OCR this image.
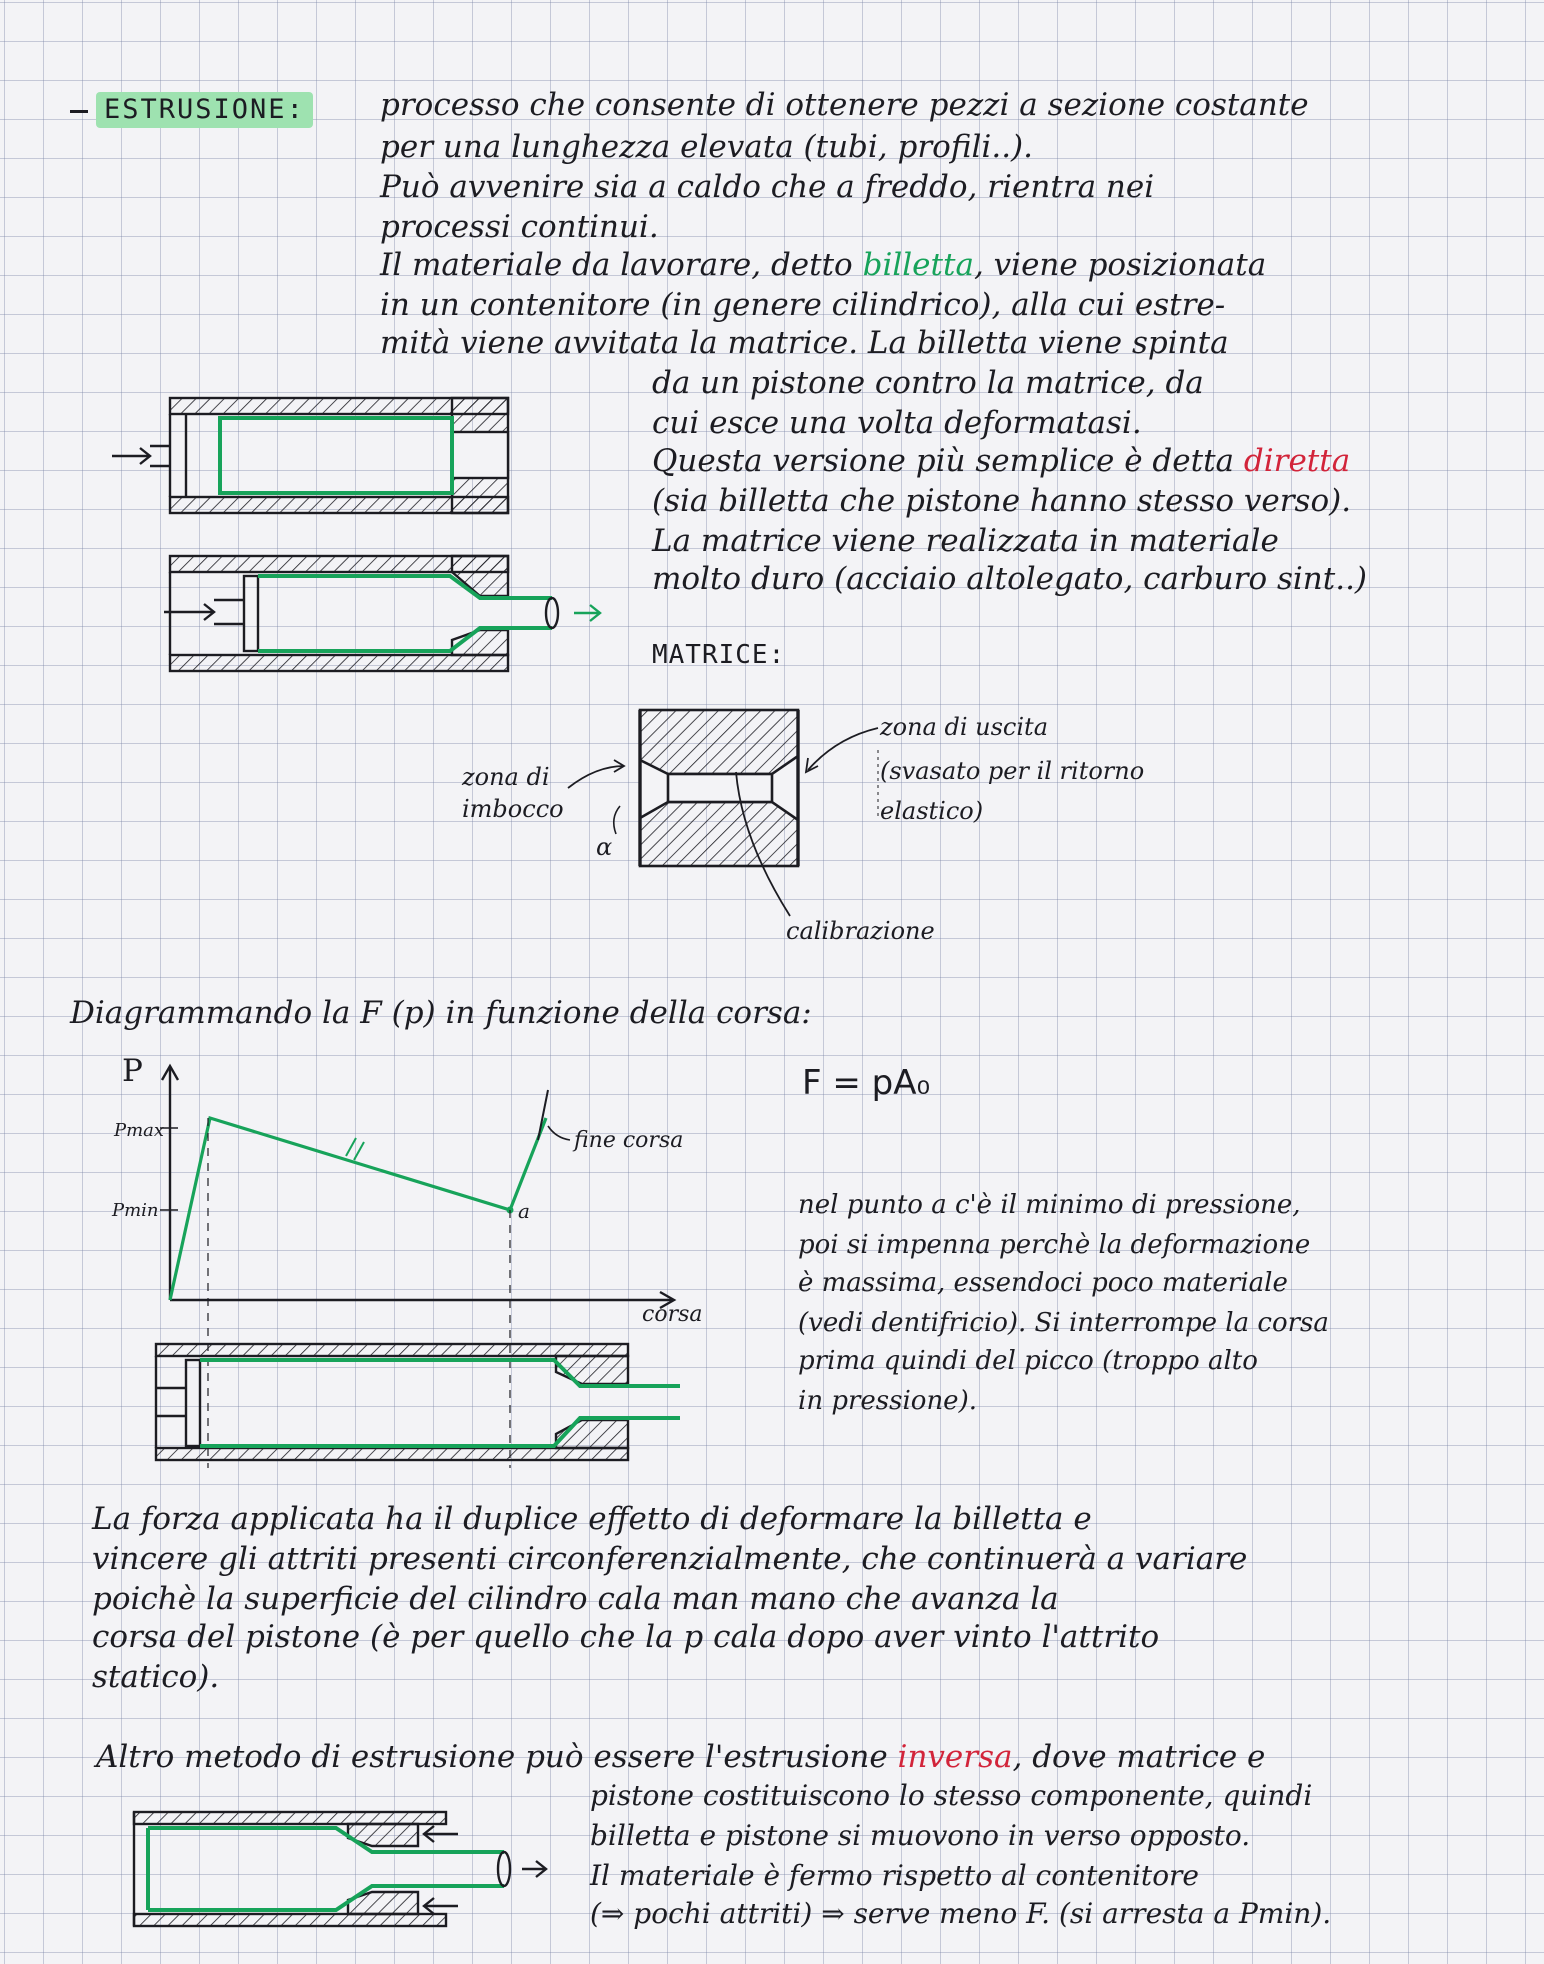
ESTRUSIONE: processo che consente di ottenere pezzi a sezione costante
per una lunghezza elevata (tubi, profili..).
Può avvenire sia a caldo che a freddo, rientra nei
processi continui.
Il materiale da lavorare, detto billetta, viene posizionata
in un contenitore (in genere cilindrico), alla cui estre-
mità viene avvitata la matrice. La billetta viene spinta
da un pistone contro la matrice, da
cui esce una volta deformatasi.
Questa versione più semplice è detta diretta
(sia billetta che pistone hanno stesso verso).
La matrice viene realizzata in materiale
molto duro (acciaio altolegato, carburo sint..)
MATRICE:
zona di
imbocco
α
zona di uscita
(svasato per il ritorno
elastico)
calibrazione
Diagrammando la F (p) in funzione della corsa:
P
Pmax
Pmin
corsa
a
fine corsa
F = pA₀
nel punto a c'è il minimo di pressione,
poi si impenna perchè la deformazione
è massima, essendoci poco materiale
(vedi dentifricio). Si interrompe la corsa
prima quindi del picco (troppo alto
in pressione).
La forza applicata ha il duplice effetto di deformare la billetta e
vincere gli attriti presenti circonferenzialmente, che continuerà a variare
poichè la superficie del cilindro cala man mano che avanza la
corsa del pistone (è per quello che la p cala dopo aver vinto l'attrito
statico).
Altro metodo di estrusione può essere l'estrusione inversa, dove matrice e
pistone costituiscono lo stesso componente, quindi
billetta e pistone si muovono in verso opposto.
Il materiale è fermo rispetto al contenitore
(⇒ pochi attriti) ⇒ serve meno F. (si arresta a Pmin).
